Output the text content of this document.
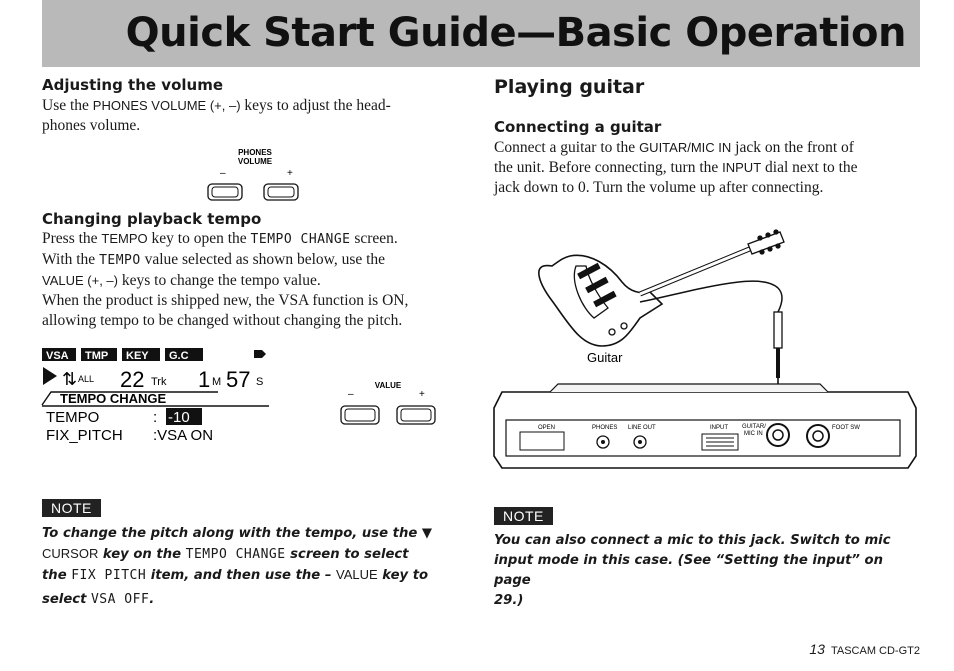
Quick Start Guide—Basic Operation
Adjusting the volume
Use the PHONES VOLUME (+, –) keys to adjust the head-
phones volume.
PHONES
VOLUME
–	+
Changing playback tempo
Press the TEMPO key to open the TEMPO CHANGE screen.
With the TEMPO value selected as shown below, use the
VALUE (+, –) keys to change the tempo value.
When the product is shipped new, the VSA function is ON,
allowing tempo to be changed without changing the pitch.
VSA TMP KEY G.C
⇅ ALL 22 Trk 1 M 57 S
TEMPO CHANGE
TEMPO	: -10
FIX_PITCH :VSA ON
VALUE
–	+
NOTE
To change the pitch along with the tempo, use the ▼
CURSOR key on the TEMPO CHANGE screen to select
the FIX PITCH item, and then use the – VALUE key to
select VSA OFF.
Playing guitar
Connecting a guitar
Connect a guitar to the GUITAR/MIC IN jack on the front of
the unit. Before connecting, turn the INPUT dial next to the
jack down to 0. Turn the volume up after connecting.
Guitar
OPEN	PHONES LINE OUT	INPUT GUITAR/
MIC IN
FOOT SW
NOTE
You can also connect a mic to this jack. Switch to mic
input mode in this case. (See “Setting the input” on page
29.)
13 TASCAM CD-GT2
